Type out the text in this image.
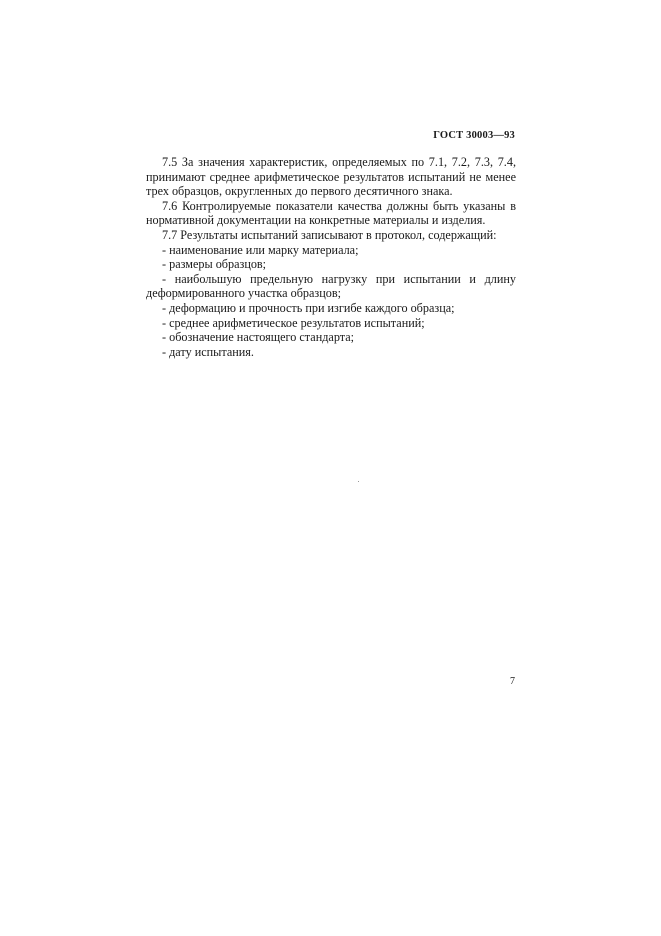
ГОСТ 30003—93

7.5 За значения характеристик, определяемых по 7.1, 7.2, 7.3, 7.4, принимают среднее арифметическое результатов испытаний не менее трех образцов, округленных до первого десятичного знака.

7.6 Контролируемые показатели качества должны быть указаны в нормативной документации на конкретные материалы и изделия.

7.7 Результаты испытаний записывают в протокол, содержащий:

- наименование или марку материала;
- размеры образцов;
- наибольшую предельную нагрузку при испытании и длину деформированного участка образцов;
- деформацию и прочность при изгибе каждого образца;
- среднее арифметическое результатов испытаний;
- обозначение настоящего стандарта;
- дату испытания.
7
